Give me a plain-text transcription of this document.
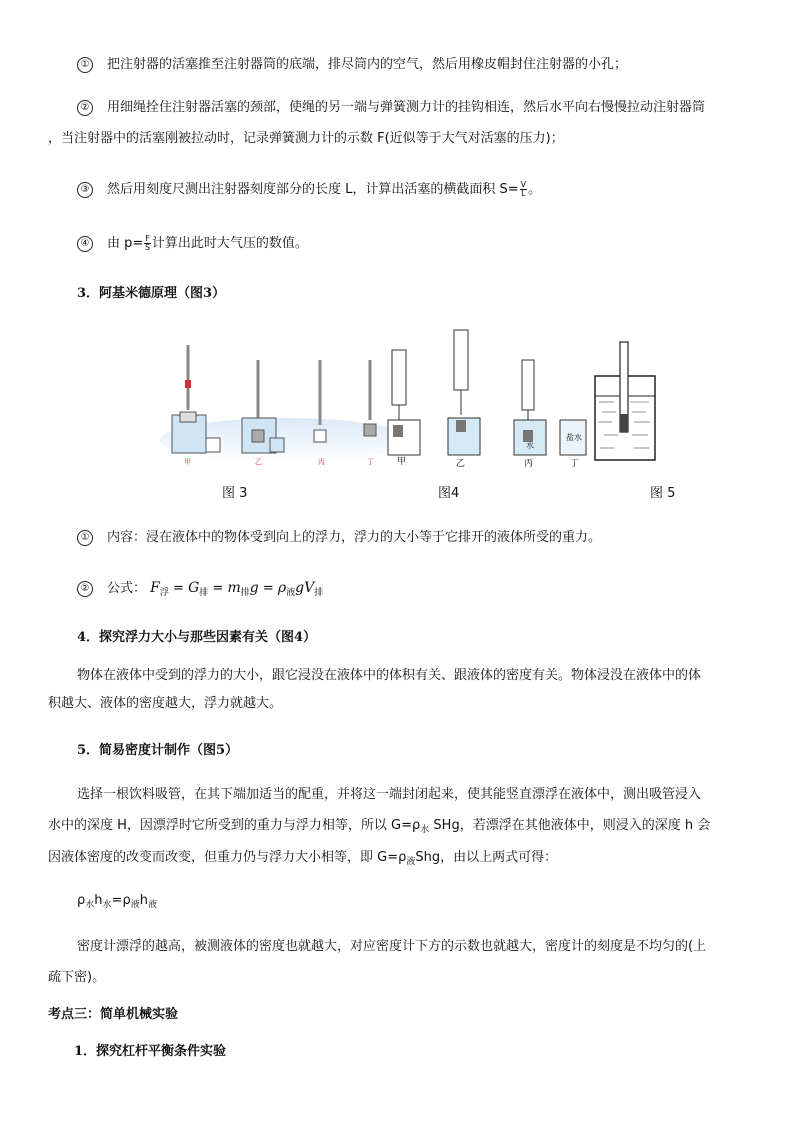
① 把注射器的活塞推至注射器筒的底端，排尽筒内的空气，然后用橡皮帽封住注射器的小孔；
② 用细绳拴住注射器活塞的颈部，使绳的另一端与弹簧测力计的挂钩相连，然后水平向右慢慢拉动注射器筒
，当注射器中的活塞刚被拉动时，记录弹簧测力计的示数 F(近似等于大气对活塞的压力)；
③ 然后用刻度尺测出注射器刻度部分的长度 L，计算出活塞的横截面积 $S= \frac{V}{L}$ 。
④ 由 $p= \frac{F}{S}$ 计算出此时大气压的数值。
3．阿基米德原理（图3）
甲	乙	丙	丁	甲	乙	丙	丁
水
盐水
图 3	图4	图 5
① 内容：浸在液体中的物体受到向上的浮力，浮力的大小等于它排开的液体所受的重力。
② 公式： $F_浮 = G_排 = m_排g = \rho_液gV_排$
4．探究浮力大小与那些因素有关（图4）
物体在液体中受到的浮力的大小，跟它浸没在液体中的体积有关、跟液体的密度有关。物体浸没在液体中的体
积越大、液体的密度越大，浮力就越大。
5．简易密度计制作（图5）
选择一根饮料吸管，在其下端加适当的配重，并将这一端封闭起来，使其能竖直漂浮在液体中，测出吸管浸入
水中的深度 H，因漂浮时它所受到的重力与浮力相等，所以 $G=\rho_水$ SHg，若漂浮在其他液体中，则浸入的深度 h 会
因液体密度的改变而改变，但重力仍与浮力大小相等，即 $G=\rho_液Shg$，由以上两式可得：
$\rho_水h_水=\rho_液h_液$
密度计漂浮的越高，被测液体的密度也就越大，对应密度计下方的示数也就越大，密度计的刻度是不均匀的(上
疏下密)。
考点三：简单机械实验
1．探究杠杆平衡条件实验
